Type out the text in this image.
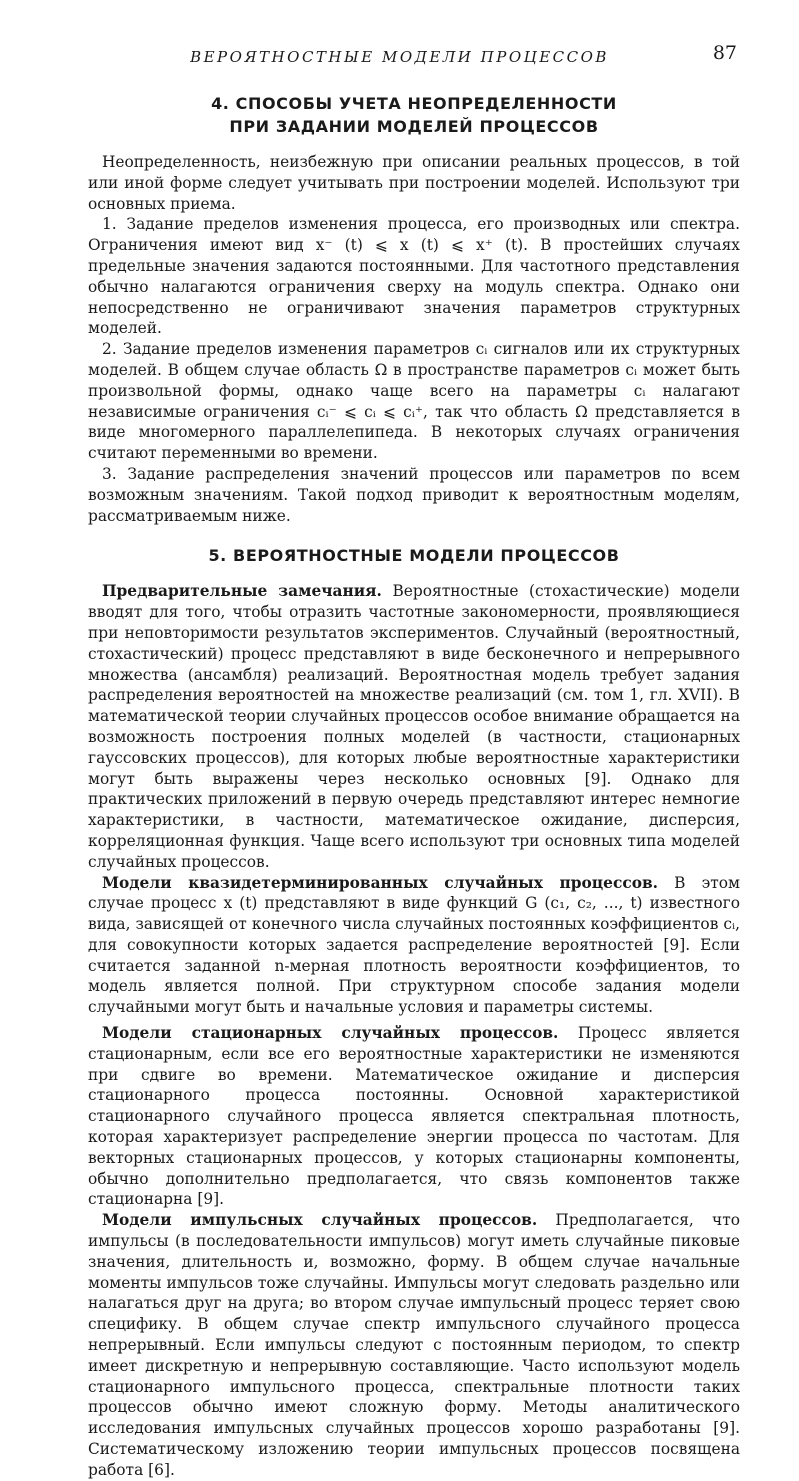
ВЕРОЯТНОСТНЫЕ МОДЕЛИ ПРОЦЕССОВ	87
4. СПОСОБЫ УЧЕТА НЕОПРЕДЕЛЕННОСТИ
ПРИ ЗАДАНИИ МОДЕЛЕЙ ПРОЦЕССОВ

Неопределенность, неизбежную при описании реальных процессов, в той или иной форме следует учитывать при построении моделей. Используют три основных приема.

1. Задание пределов изменения процесса, его производных или спектра. Ограничения имеют вид x⁻ (t) ⩽ x (t) ⩽ x⁺ (t). В простейших случаях предельные значения задаются постоянными. Для частотного представления обычно налагаются ограничения сверху на модуль спектра. Однако они непосредственно не ограничивают значения параметров структурных моделей.

2. Задание пределов изменения параметров cᵢ сигналов или их структурных моделей. В общем случае область Ω в пространстве параметров cᵢ может быть произвольной формы, однако чаще всего на параметры cᵢ налагают независимые ограничения cᵢ⁻ ⩽ cᵢ ⩽ cᵢ⁺, так что область Ω представляется в виде многомерного параллелепипеда. В некоторых случаях ограничения считают переменными во времени.

3. Задание распределения значений процессов или параметров по всем возможным значениям. Такой подход приводит к вероятностным моделям, рассматриваемым ниже.

5. ВЕРОЯТНОСТНЫЕ МОДЕЛИ ПРОЦЕССОВ

Предварительные замечания. Вероятностные (стохастические) модели вводят для того, чтобы отразить частотные закономерности, проявляющиеся при неповторимости результатов экспериментов. Случайный (вероятностный, стохастический) процесс представляют в виде бесконечного и непрерывного множества (ансамбля) реализаций. Вероятностная модель требует задания распределения вероятностей на множестве реализаций (см. том 1, гл. XVII). В математической теории случайных процессов особое внимание обращается на возможность построения полных моделей (в частности, стационарных гауссовских процессов), для которых любые вероятностные характеристики могут быть выражены через несколько основных [9]. Однако для практических приложений в первую очередь представляют интерес немногие характеристики, в частности, математическое ожидание, дисперсия, корреляционная функция. Чаще всего используют три основных типа моделей случайных процессов.

Модели квазидетерминированных случайных процессов. В этом случае процесс x (t) представляют в виде функций G (c₁, c₂, ..., t) известного вида, зависящей от конечного числа случайных постоянных коэффициентов cᵢ, для совокупности которых задается распределение вероятностей [9]. Если считается заданной n-мерная плотность вероятности коэффициентов, то модель является полной. При структурном способе задания модели случайными могут быть и начальные условия и параметры системы.

Модели стационарных случайных процессов. Процесс является стационарным, если все его вероятностные характеристики не изменяются при сдвиге во времени. Математическое ожидание и дисперсия стационарного процесса постоянны. Основной характеристикой стационарного случайного процесса является спектральная плотность, которая характеризует распределение энергии процесса по частотам. Для векторных стационарных процессов, у которых стационарны компоненты, обычно дополнительно предполагается, что связь компонентов также стационарна [9].

Модели импульсных случайных процессов. Предполагается, что импульсы (в последовательности импульсов) могут иметь случайные пиковые значения, длительность и, возможно, форму. В общем случае начальные моменты импульсов тоже случайны. Импульсы могут следовать раздельно или налагаться друг на друга; во втором случае импульсный процесс теряет свою специфику. В общем случае спектр импульсного случайного процесса непрерывный. Если импульсы следуют с постоянным периодом, то спектр имеет дискретную и непрерывную составляющие. Часто используют модель стационарного импульсного процесса, спектральные плотности таких процессов обычно имеют сложную форму. Методы аналитического исследования импульсных случайных процессов хорошо разработаны [9]. Систематическому изложению теории импульсных процессов посвящена работа [6].
